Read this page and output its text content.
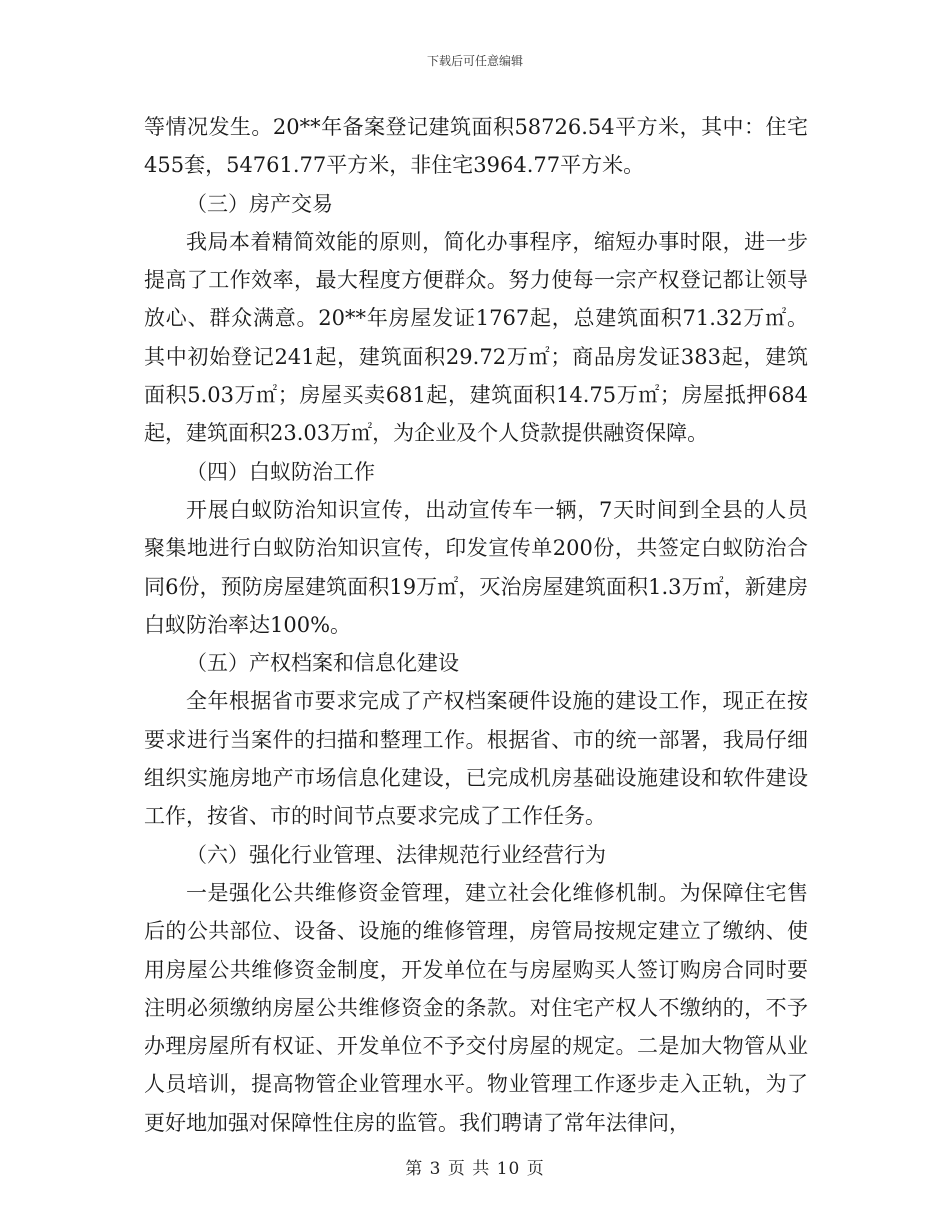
下载后可任意编辑

等情况发生。20**年备案登记建筑面积58726.54平方米，其中：住宅455套，54761.77平方米，非住宅3964.77平方米。

（三）房产交易

我局本着精简效能的原则，简化办事程序，缩短办事时限，进一步提高了工作效率，最大程度方便群众。努力使每一宗产权登记都让领导放心、群众满意。20**年房屋发证1767起，总建筑面积71.32万㎡。其中初始登记241起，建筑面积29.72万㎡；商品房发证383起，建筑面积5.03万㎡；房屋买卖681起，建筑面积14.75万㎡；房屋抵押684起，建筑面积23.03万㎡，为企业及个人贷款提供融资保障。

（四）白蚁防治工作

开展白蚁防治知识宣传，出动宣传车一辆，7天时间到全县的人员聚集地进行白蚁防治知识宣传，印发宣传单200份，共签定白蚁防治合同6份，预防房屋建筑面积19万㎡，灭治房屋建筑面积1.3万㎡，新建房白蚁防治率达100%。

（五）产权档案和信息化建设

全年根据省市要求完成了产权档案硬件设施的建设工作，现正在按要求进行当案件的扫描和整理工作。根据省、市的统一部署，我局仔细组织实施房地产市场信息化建设，已完成机房基础设施建设和软件建设工作，按省、市的时间节点要求完成了工作任务。

（六）强化行业管理、法律规范行业经营行为

一是强化公共维修资金管理，建立社会化维修机制。为保障住宅售后的公共部位、设备、设施的维修管理，房管局按规定建立了缴纳、使用房屋公共维修资金制度，开发单位在与房屋购买人签订购房合同时要注明必须缴纳房屋公共维修资金的条款。对住宅产权人不缴纳的，不予办理房屋所有权证、开发单位不予交付房屋的规定。二是加大物管从业人员培训，提高物管企业管理水平。物业管理工作逐步走入正轨，为了更好地加强对保障性住房的监管。我们聘请了常年法律问，

第 3 页 共 10 页
